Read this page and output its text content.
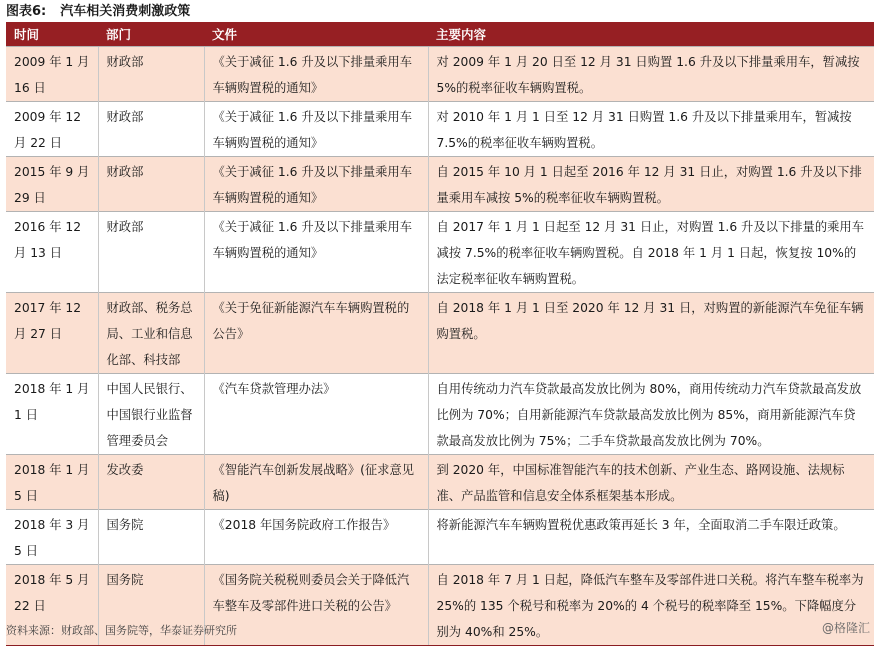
图表6: 汽车相关消费刺激政策
时间	部门	文件	主要内容
2009 年 1 月 16 日	财政部	《关于减征 1.6 升及以下排量乘用车车辆购置税的通知》	对 2009 年 1 月 20 日至 12 月 31 日购置 1.6 升及以下排量乘用车，暂减按 5%的税率征收车辆购置税。
2009 年 12 月 22 日	财政部	《关于减征 1.6 升及以下排量乘用车车辆购置税的通知》	对 2010 年 1 月 1 日至 12 月 31 日购置 1.6 升及以下排量乘用车，暂减按 7.5%的税率征收车辆购置税。
2015 年 9 月 29 日	财政部	《关于减征 1.6 升及以下排量乘用车车辆购置税的通知》	自 2015 年 10 月 1 日起至 2016 年 12 月 31 日止，对购置 1.6 升及以下排量乘用车减按 5%的税率征收车辆购置税。
2016 年 12 月 13 日	财政部	《关于减征 1.6 升及以下排量乘用车车辆购置税的通知》	自 2017 年 1 月 1 日起至 12 月 31 日止，对购置 1.6 升及以下排量的乘用车减按 7.5%的税率征收车辆购置税。自 2018 年 1 月 1 日起，恢复按 10%的法定税率征收车辆购置税。
2017 年 12 月 27 日	财政部、税务总局、工业和信息化部、科技部	《关于免征新能源汽车车辆购置税的公告》	自 2018 年 1 月 1 日至 2020 年 12 月 31 日，对购置的新能源汽车免征车辆购置税。
2018 年 1 月 1 日	中国人民银行、中国银行业监督管理委员会	《汽车贷款管理办法》	自用传统动力汽车贷款最高发放比例为 80%，商用传统动力汽车贷款最高发放比例为 70%；自用新能源汽车贷款最高发放比例为 85%，商用新能源汽车贷款最高发放比例为 75%；二手车贷款最高发放比例为 70%。
2018 年 1 月 5 日	发改委	《智能汽车创新发展战略》(征求意见稿)	到 2020 年，中国标准智能汽车的技术创新、产业生态、路网设施、法规标准、产品监管和信息安全体系框架基本形成。
2018 年 3 月 5 日	国务院	《2018 年国务院政府工作报告》	将新能源汽车车辆购置税优惠政策再延长 3 年，全面取消二手车限迁政策。
2018 年 5 月 22 日	国务院	《国务院关税税则委员会关于降低汽车整车及零部件进口关税的公告》	自 2018 年 7 月 1 日起，降低汽车整车及零部件进口关税。将汽车整车税率为 25%的 135 个税号和税率为 20%的 4 个税号的税率降至 15%。下降幅度分别为 40%和 25%。
资料来源：财政部、国务院等，华泰证券研究所	@格隆汇
